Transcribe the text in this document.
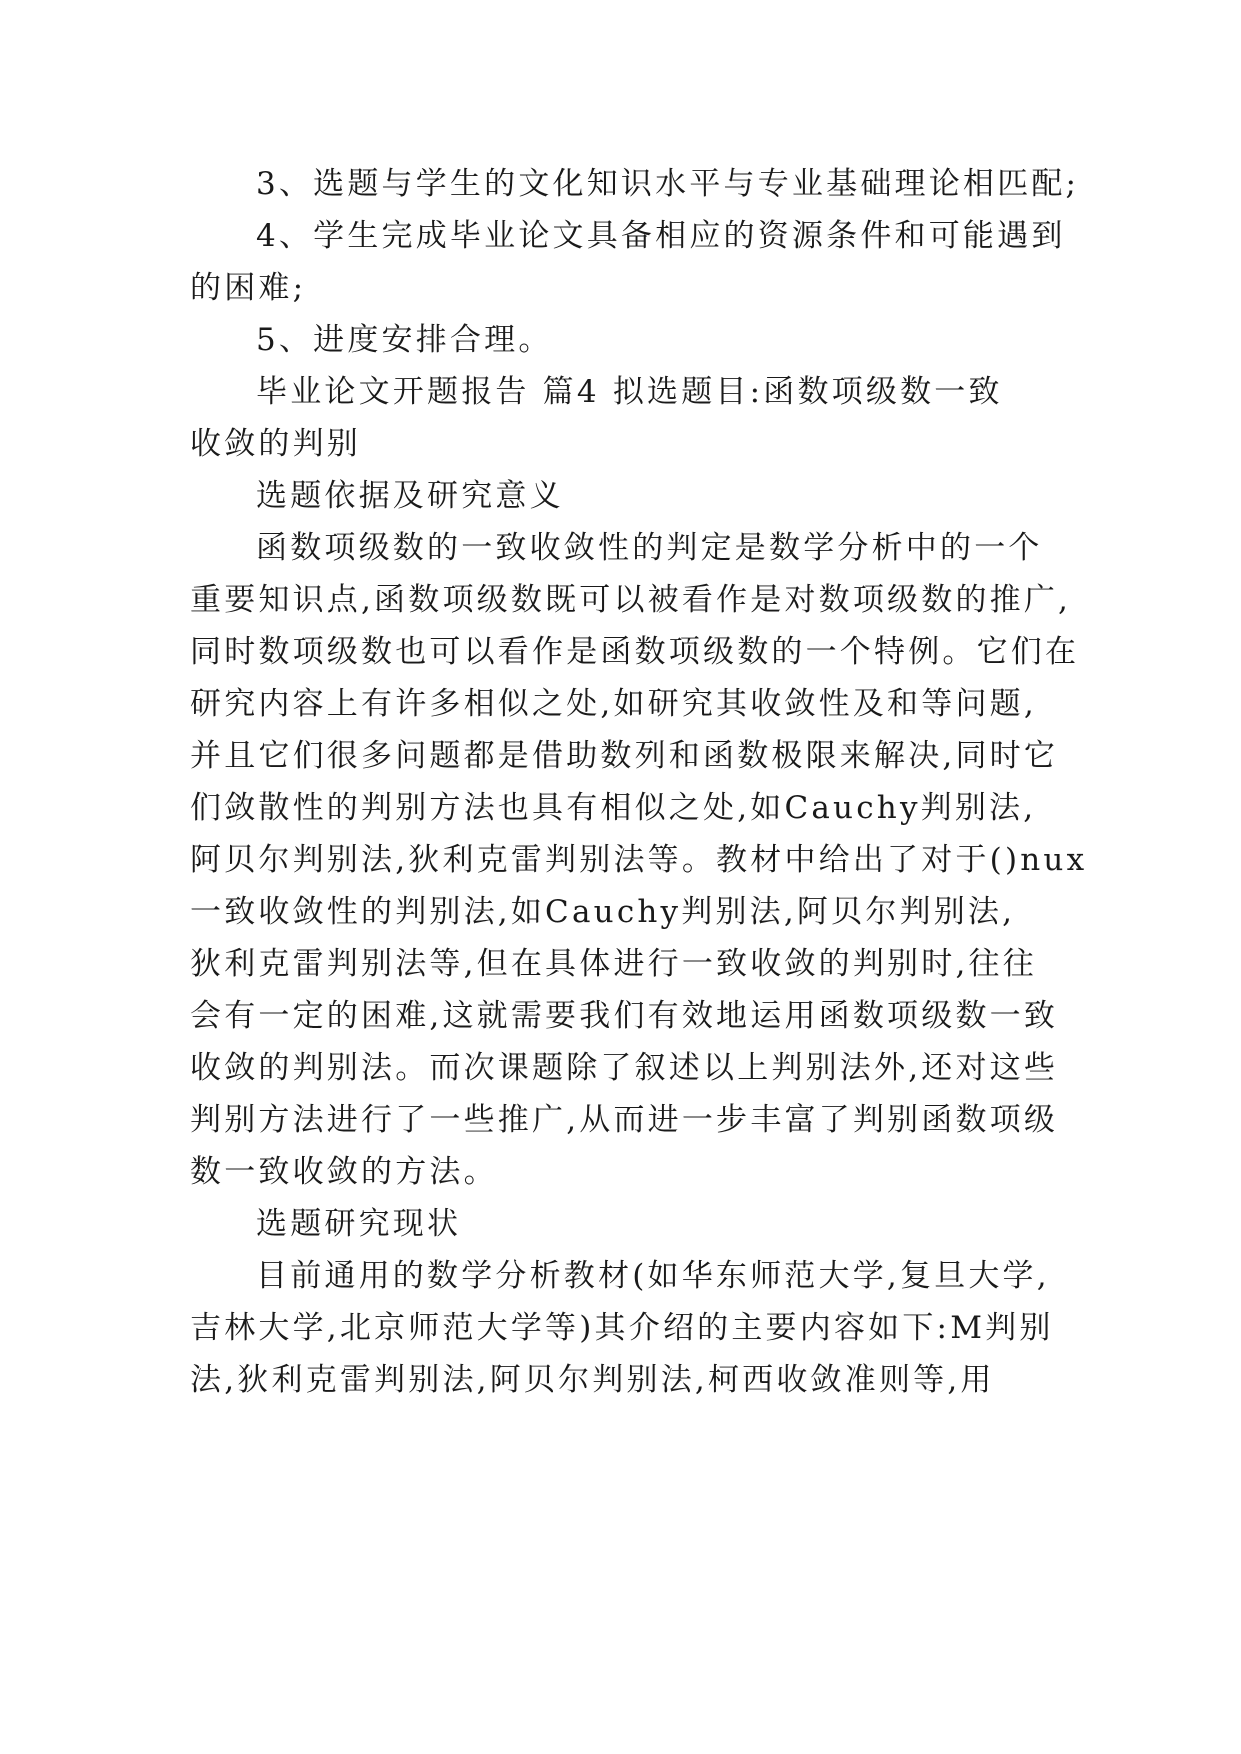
3、选题与学生的文化知识水平与专业基础理论相匹配;
4、学生完成毕业论文具备相应的资源条件和可能遇到
的困难;
5、进度安排合理。
毕业论文开题报告 篇4 拟选题目:函数项级数一致
收敛的判别
选题依据及研究意义
函数项级数的一致收敛性的判定是数学分析中的一个
重要知识点,函数项级数既可以被看作是对数项级数的推广,
同时数项级数也可以看作是函数项级数的一个特例。它们在
研究内容上有许多相似之处,如研究其收敛性及和等问题,
并且它们很多问题都是借助数列和函数极限来解决,同时它
们敛散性的判别方法也具有相似之处,如Cauchy判别法,
阿贝尔判别法,狄利克雷判别法等。教材中给出了对于()nux
一致收敛性的判别法,如Cauchy判别法,阿贝尔判别法,
狄利克雷判别法等,但在具体进行一致收敛的判别时,往往
会有一定的困难,这就需要我们有效地运用函数项级数一致
收敛的判别法。而次课题除了叙述以上判别法外,还对这些
判别方法进行了一些推广,从而进一步丰富了判别函数项级
数一致收敛的方法。
选题研究现状
目前通用的数学分析教材(如华东师范大学,复旦大学,
吉林大学,北京师范大学等)其介绍的主要内容如下:M判别
法,狄利克雷判别法,阿贝尔判别法,柯西收敛准则等,用
